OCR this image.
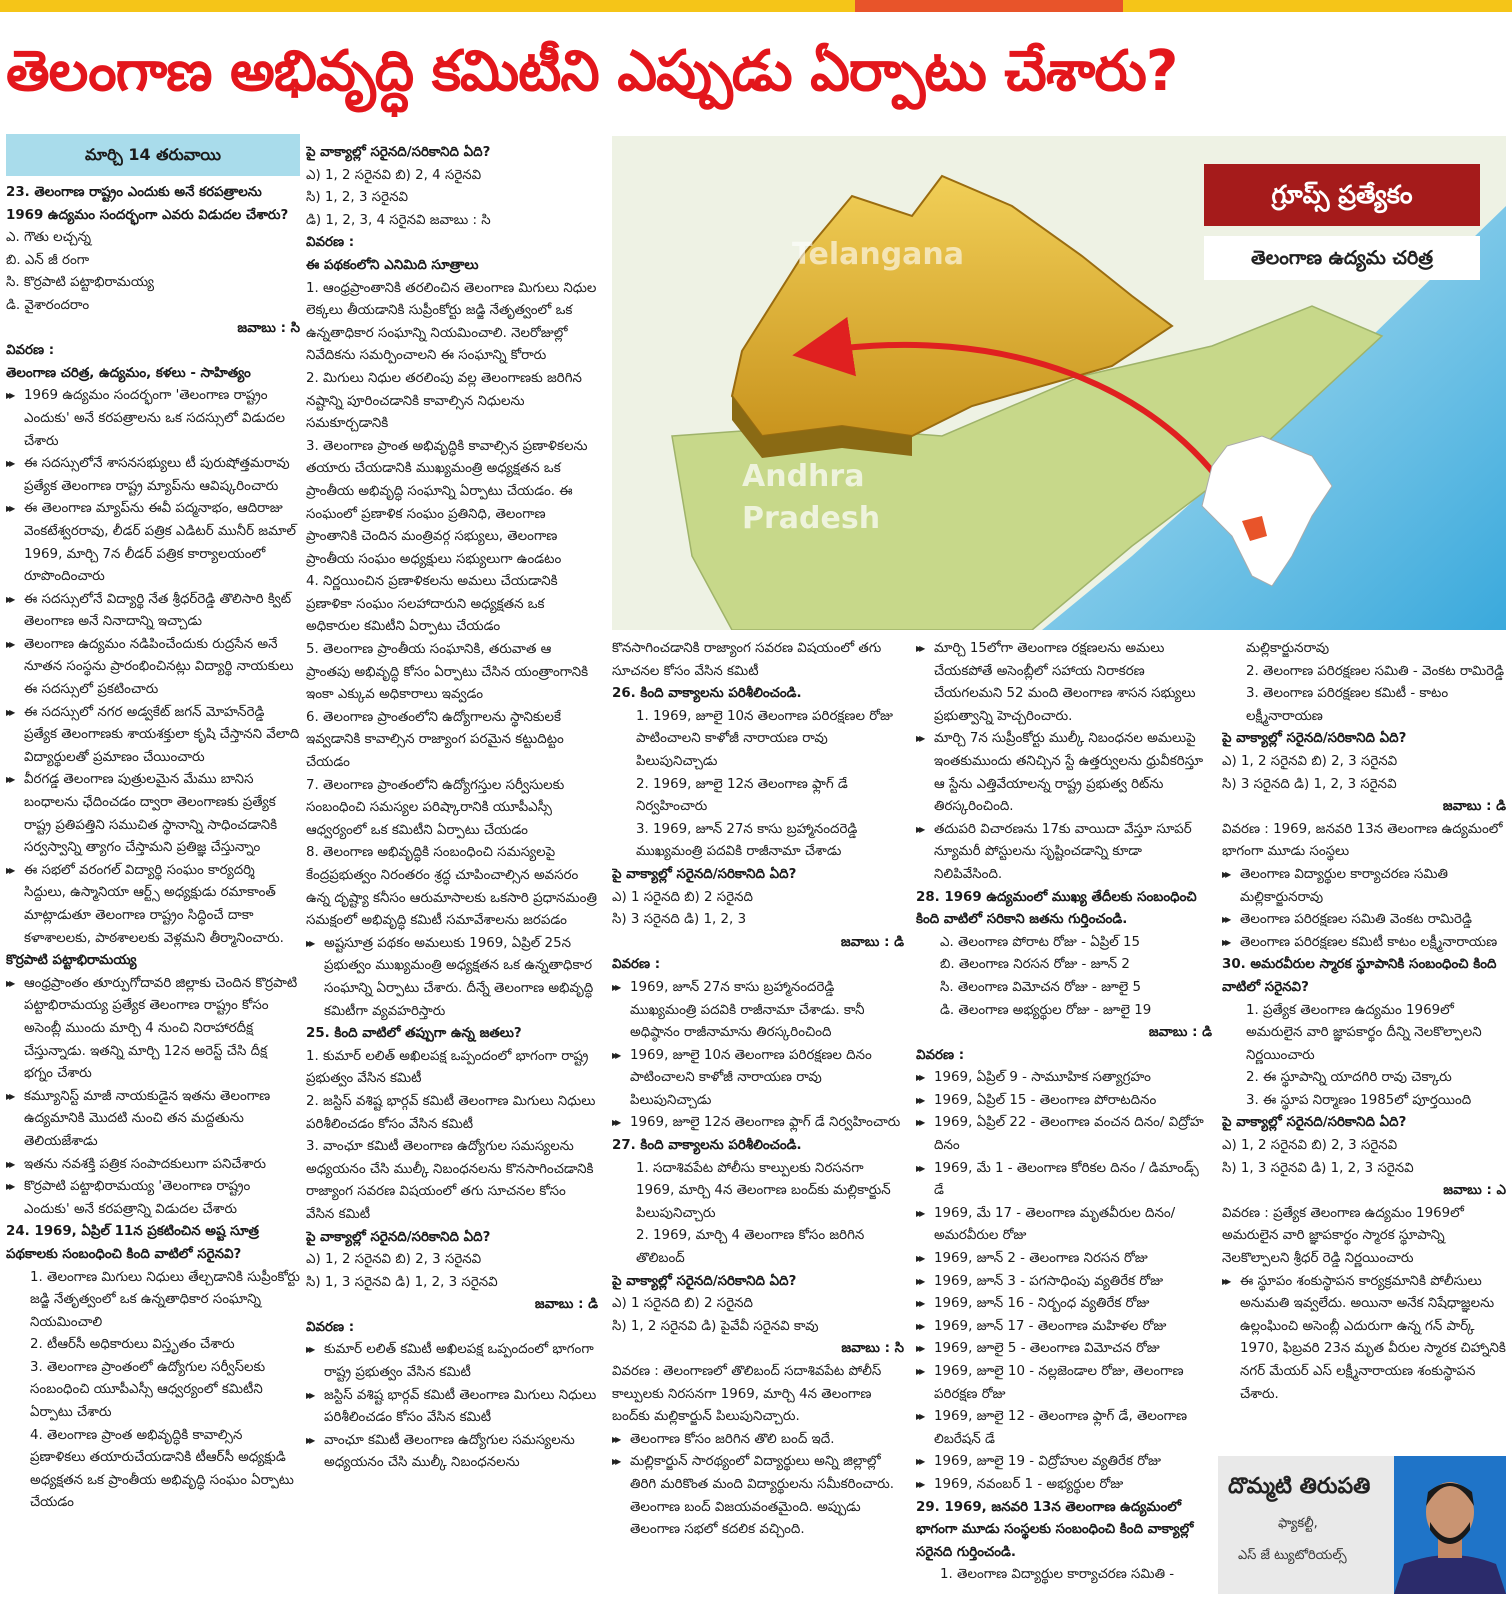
తెలంగాణ అభివృద్ధి కమిటీని ఎప్పుడు ఏర్పాటు చేశారు?
మార్చి 14 తరువాయి

23. తెలంగాణ రాష్ట్రం ఎందుకు అనే కరపత్రాలను 1969 ఉద్యమం సందర్భంగా ఎవరు విడుదల చేశారు?

ఎ. గౌతు లచ్చన్న

బి. ఎన్‌ జీ రంగా

సి. కొర్రపాటి పట్టాభిరామయ్య

డి. వైశారందరాం

జవాబు : సి

వివరణ :

తెలంగాణ చరిత్ర, ఉద్యమం, కళలు - సాహిత్యం

▶▶ 1969 ఉద్యమం సందర్భంగా 'తెలంగాణ రాష్ట్రం ఎందుకు' అనే కరపత్రాలను ఒక సదస్సులో విడుదల చేశారు

▶▶ ఈ సదస్సులోనే శాసనసభ్యులు టీ పురుషోత్తమరావు ప్రత్యేక తెలంగాణ రాష్ట్ర మ్యాప్‌ను ఆవిష్కరించారు

▶▶ ఈ తెలంగాణ మ్యాప్‌ను ఈవీ పద్మనాభం, ఆదిరాజు వెంకటేశ్వరరావు, లీడర్‌ పత్రిక ఎడిటర్‌ మునీర్‌ జమాల్‌ 1969, మార్చి 7న లీడర్‌ పత్రిక కార్యాలయంలో రూపొందించారు

▶▶ ఈ సదస్సులోనే విద్యార్థి నేత శ్రీధర్‌రెడ్డి తొలిసారి క్విట్‌ తెలంగాణ అనే నినాదాన్ని ఇచ్చాడు

▶▶ తెలంగాణ ఉద్యమం నడిపించేందుకు రుద్రసేన అనే నూతన సంస్థను ప్రారంభించినట్లు విద్యార్థి నాయకులు ఈ సదస్సులో ప్రకటించారు

▶▶ ఈ సదస్సులో నగర అడ్వకేట్‌ జగన్‌ మోహన్‌రెడ్డి ప్రత్యేక తెలంగాణకు శాయశక్తులా కృషి చేస్తానని వేలాది విద్యార్థులతో ప్రమాణం చేయించారు

▶▶ వీరగడ్డ తెలంగాణ పుత్రులమైన మేము బానిస బంధాలను ఛేదించడం ద్వారా తెలంగాణకు ప్రత్యేక రాష్ట్ర ప్రతిపత్తిని సముచిత స్థానాన్ని సాధించడానికి సర్వస్వాన్ని త్యాగం చేస్తామని ప్రతిజ్ఞ చేస్తున్నాం

▶▶ ఈ సభలో వరంగల్‌ విద్యార్థి సంఘం కార్యదర్శి సిద్దులు, ఉస్మానియా ఆర్ట్స్‌ అధ్యక్షుడు రమాకాంత్‌ మాట్లాడుతూ తెలంగాణ రాష్ట్రం సిద్ధించే దాకా కళాశాలలకు, పాఠశాలలకు వెళ్లమని తీర్మానించారు.

కొర్రపాటి పట్టాభిరామయ్య

▶▶ ఆంధ్రప్రాంతం తూర్పుగోదావరి జిల్లాకు చెందిన కొర్రపాటి పట్టాభిరామయ్య ప్రత్యేక తెలంగాణ రాష్ట్రం కోసం అసెంబ్లీ ముందు మార్చి 4 నుంచి నిరాహారదీక్ష చేస్తున్నాడు. ఇతన్ని మార్చి 12న అరెస్ట్‌ చేసి దీక్ష భగ్నం చేశారు

▶▶ కమ్యూనిస్ట్‌ మాజీ నాయకుడైన ఇతను తెలంగాణ ఉద్యమానికి మొదటి నుంచి తన మద్దతును తెలియజేశాడు

▶▶ ఇతను నవశక్తి పత్రిక సంపాదకులుగా పనిచేశారు

▶▶ కొర్రపాటి పట్టాభిరామయ్య 'తెలంగాణ రాష్ట్రం ఎందుకు' అనే కరపత్రాన్ని విడుదల చేశారు

24. 1969, ఏప్రిల్‌ 11న ప్రకటించిన అష్ట సూత్ర పథకాలకు సంబంధించి కింది వాటిలో సరైనవి?

1. తెలంగాణ మిగులు నిధులు తేల్చడానికి సుప్రీంకోర్టు జడ్జి నేతృత్వంలో ఒక ఉన్నతాధికార సంఘాన్ని నియమించాలి

2. టీఆర్‌సీ అధికారులు విస్తృతం చేశారు

3. తెలంగాణ ప్రాంతంలో ఉద్యోగుల సర్వీస్‌లకు సంబంధించి యూపీఎస్సీ ఆధ్వర్యంలో కమిటీని ఏర్పాటు చేశారు

4. తెలంగాణ ప్రాంత అభివృద్ధికి కావాల్సిన ప్రణాళికలు తయారుచేయడానికి టీఆర్‌సీ అధ్యక్షుడి అధ్యక్షతన ఒక ప్రాంతీయ అభివృద్ధి సంఘం ఏర్పాటు చేయడం

పై వాక్యాల్లో సరైనది/సరికానిది ఏది?

ఎ) 1, 2 సరైనవి బి) 2, 4 సరైనవి

సి) 1, 2, 3 సరైనవి

డి) 1, 2, 3, 4 సరైనవి జవాబు : సి

వివరణ :

ఈ పథకంలోని ఎనిమిది సూత్రాలు

1. ఆంధ్రప్రాంతానికి తరలించిన తెలంగాణ మిగులు నిధుల లెక్కలు తీయడానికి సుప్రీంకోర్టు జడ్జి నేతృత్వంలో ఒక ఉన్నతాధికార సంఘాన్ని నియమించాలి. నెలరోజుల్లో నివేదికను సమర్పించాలని ఈ సంఘాన్ని కోరారు

2. మిగులు నిధుల తరలింపు వల్ల తెలంగాణకు జరిగిన నష్టాన్ని పూరించడానికి కావాల్సిన నిధులను సమకూర్చడానికి

3. తెలంగాణ ప్రాంత అభివృద్ధికి కావాల్సిన ప్రణాళికలను తయారు చేయడానికి ముఖ్యమంత్రి అధ్యక్షతన ఒక ప్రాంతీయ అభివృద్ధి సంఘాన్ని ఏర్పాటు చేయడం. ఈ సంఘంలో ప్రణాళిక సంఘం ప్రతినిధి, తెలంగాణ ప్రాంతానికి చెందిన మంత్రివర్గ సభ్యులు, తెలంగాణ ప్రాంతీయ సంఘం అధ్యక్షులు సభ్యులుగా ఉండటం

4. నిర్ణయించిన ప్రణాళికలను అమలు చేయడానికి ప్రణాళికా సంఘం సలహాదారుని అధ్యక్షతన ఒక అధికారుల కమిటీని ఏర్పాటు చేయడం

5. తెలంగాణ ప్రాంతీయ సంఘానికి, తరువాత ఆ ప్రాంతపు అభివృద్ధి కోసం ఏర్పాటు చేసిన యంత్రాంగానికి ఇంకా ఎక్కువ అధికారాలు ఇవ్వడం

6. తెలంగాణ ప్రాంతంలోని ఉద్యోగాలను స్థానికులకే ఇవ్వడానికి కావాల్సిన రాజ్యాంగ పరమైన కట్టుదిట్టం చేయడం

7. తెలంగాణ ప్రాంతంలోని ఉద్యోగస్తుల సర్వీసులకు సంబంధించి సమస్యల పరిష్కారానికి యూపీఎస్సీ ఆధ్వర్యంలో ఒక కమిటీని ఏర్పాటు చేయడం

8. తెలంగాణ అభివృద్ధికి సంబంధించి సమస్యలపై కేంద్రప్రభుత్వం నిరంతరం శ్రద్ధ చూపించాల్సిన అవసరం ఉన్న దృష్ట్యా కనీసం ఆరుమాసాలకు ఒకసారి ప్రధానమంత్రి సమక్షంలో అభివృద్ధి కమిటీ సమావేశాలను జరపడం

▶▶ అష్టసూత్ర పథకం అమలుకు 1969, ఏప్రిల్‌ 25న ప్రభుత్వం ముఖ్యమంత్రి అధ్యక్షతన ఒక ఉన్నతాధికార సంఘాన్ని ఏర్పాటు చేశారు. దీన్నే తెలంగాణ అభివృద్ధి కమిటీగా వ్యవహరిస్తారు

25. కింది వాటిలో తప్పుగా ఉన్న జతలు?

1. కుమార్‌ లలిత్‌ అఖిలపక్ష ఒప్పందంలో భాగంగా రాష్ట్ర ప్రభుత్వం వేసిన కమిటీ

2. జస్టిస్‌ వశిష్ట భార్గవ్‌ కమిటీ తెలంగాణ మిగులు నిధులు పరిశీలించడం కోసం వేసిన కమిటీ

3. వాంఛూ కమిటీ తెలంగాణ ఉద్యోగుల సమస్యలను అధ్యయనం చేసి ముల్కీ నిబంధనలను కొనసాగించడానికి రాజ్యాంగ సవరణ విషయంలో తగు సూచనల కోసం వేసిన కమిటీ

పై వాక్యాల్లో సరైనది/సరికానిది ఏది?

ఎ) 1, 2 సరైనవి బి) 2, 3 సరైనవి

సి) 1, 3 సరైనవి డి) 1, 2, 3 సరైనవి

జవాబు : డి

వివరణ :

▶▶ కుమార్‌ లలిత్‌ కమిటీ అఖిలపక్ష ఒప్పందంలో భాగంగా రాష్ట్ర ప్రభుత్వం వేసిన కమిటీ

▶▶ జస్టిస్‌ వశిష్ట భార్గవ్‌ కమిటీ తెలంగాణ మిగులు నిధులు పరిశీలించడం కోసం వేసిన కమిటీ

▶▶ వాంఛూ కమిటీ తెలంగాణ ఉద్యోగుల సమస్యలను అధ్యయనం చేసి ముల్కీ నిబంధనలను

కొనసాగించడానికి రాజ్యాంగ సవరణ విషయంలో తగు సూచనల కోసం వేసిన కమిటీ

26. కింది వాక్యాలను పరిశీలించండి.

1. 1969, జూలై 10న తెలంగాణ పరిరక్షణల రోజు పాటించాలని కాళోజీ నారాయణ రావు పిలుపునిచ్చాడు

2. 1969, జూలై 12న తెలంగాణ ఫ్లాగ్‌ డే నిర్వహించారు

3. 1969, జూన్‌ 27న కాసు బ్రహ్మానందరెడ్డి ముఖ్యమంత్రి పదవికి రాజీనామా చేశాడు

పై వాక్యాల్లో సరైనది/సరికానిది ఏది?

ఎ) 1 సరైనది బి) 2 సరైనది

సి) 3 సరైనది డి) 1, 2, 3

జవాబు : డి

వివరణ :

▶▶ 1969, జూన్‌ 27న కాసు బ్రహ్మానందరెడ్డి ముఖ్యమంత్రి పదవికి రాజీనామా చేశాడు. కానీ అధిష్ఠానం రాజీనామాను తిరస్కరించింది

▶▶ 1969, జూలై 10న తెలంగాణ పరిరక్షణల దినం పాటించాలని కాళోజీ నారాయణ రావు పిలుపునిచ్చాడు

▶▶ 1969, జూలై 12న తెలంగాణ ఫ్లాగ్‌ డే నిర్వహించారు

27. కింది వాక్యాలను పరిశీలించండి.

1. సదాశివపేట పోలీసు కాల్పులకు నిరసనగా 1969, మార్చి 4న తెలంగాణ బంద్‌కు మల్లికార్జున్‌ పిలుపునిచ్చారు

2. 1969, మార్చి 4 తెలంగాణ కోసం జరిగిన తొలిబంద్‌

పై వాక్యాల్లో సరైనది/సరికానిది ఏది?

ఎ) 1 సరైనది బి) 2 సరైనది

సి) 1, 2 సరైనవి డి) పైవేవీ సరైనవి కావు

జవాబు : సి

వివరణ : తెలంగాణలో తొలిబంద్‌ సదాశివపేట పోలీస్‌ కాల్పులకు నిరసనగా 1969, మార్చి 4న తెలంగాణ బంద్‌కు మల్లికార్జున్‌ పిలుపునిచ్చారు.

▶▶ తెలంగాణ కోసం జరిగిన తొలి బంద్‌ ఇదే.

▶▶ మల్లికార్జున్‌ సారథ్యంలో విద్యార్థులు అన్ని జిల్లాల్లో తిరిగి మరికొంత మంది విద్యార్థులను సమీకరించారు. తెలంగాణ బంద్‌ విజయవంతమైంది. అప్పుడు తెలంగాణ సభలో కదలిక వచ్చింది.

▶▶ మార్చి 15లోగా తెలంగాణ రక్షణలను అమలు చేయకపోతే అసెంబ్లీలో సహాయ నిరాకరణ చేయగలమని 52 మంది తెలంగాణ శాసన సభ్యులు ప్రభుత్వాన్ని హెచ్చరించారు.

▶▶ మార్చి 7న సుప్రీంకోర్టు ముల్కీ నిబంధనల అమలుపై ఇంతకుముందు తనిచ్చిన స్టే ఉత్తర్వులను ధ్రువీకరిస్తూ ఆ స్టేను ఎత్తివేయాలన్న రాష్ట్ర ప్రభుత్వ రిట్‌ను తిరస్కరించింది.

▶▶ తదుపరి విచారణను 17కు వాయిదా వేస్తూ సూపర్‌ న్యూమరీ పోస్టులను సృష్టించడాన్ని కూడా నిలిపివేసింది.

28. 1969 ఉద్యమంలో ముఖ్య తేదీలకు సంబంధించి కింది వాటిలో సరికాని జతను గుర్తించండి.

ఎ. తెలంగాణ పోరాట రోజు - ఏప్రిల్‌ 15

బి. తెలంగాణ నిరసన రోజు - జూన్‌ 2

సి. తెలంగాణ విమోచన రోజు - జూలై 5

డి. తెలంగాణ అభ్యర్థుల రోజు - జూలై 19

జవాబు : డి

వివరణ :

▶▶ 1969, ఏప్రిల్‌ 9 - సామూహిక సత్యాగ్రహం

▶▶ 1969, ఏప్రిల్‌ 15 - తెలంగాణ పోరాటదినం

▶▶ 1969, ఏప్రిల్‌ 22 - తెలంగాణ వంచన దినం/ విద్రోహ దినం

▶▶ 1969, మే 1 - తెలంగాణ కోరికల దినం / డిమాండ్స్‌ డే

▶▶ 1969, మే 17 - తెలంగాణ మృతవీరుల దినం/ అమరవీరుల రోజు

▶▶ 1969, జూన్‌ 2 - తెలంగాణ నిరసన రోజు

▶▶ 1969, జూన్‌ 3 - పగసాధింపు వ్యతిరేక రోజు

▶▶ 1969, జూన్‌ 16 - నిర్బంధ వ్యతిరేక రోజు

▶▶ 1969, జూన్‌ 17 - తెలంగాణ మహిళల రోజు

▶▶ 1969, జూలై 5 - తెలంగాణ విమోచన రోజు

▶▶ 1969, జూలై 10 - నల్లజెండాల రోజు, తెలంగాణ పరిరక్షణ రోజు

▶▶ 1969, జూలై 12 - తెలంగాణ ఫ్లాగ్‌ డే, తెలంగాణ లిబరేషన్‌ డే

▶▶ 1969, జూలై 19 - విద్రోహుల వ్యతిరేక రోజు

▶▶ 1969, నవంబర్‌ 1 - అభ్యర్థుల రోజు

29. 1969, జనవరి 13న తెలంగాణ ఉద్యమంలో భాగంగా మూడు సంస్థలకు సంబంధించి కింది వాక్యాల్లో సరైనది గుర్తించండి.

1. తెలంగాణ విద్యార్థుల కార్యాచరణ సమితి -

మల్లికార్జునరావు

2. తెలంగాణ పరిరక్షణల సమితి - వెంకట రామిరెడ్డి

3. తెలంగాణ పరిరక్షణల కమిటీ - కాటం లక్ష్మీనారాయణ

పై వాక్యాల్లో సరైనది/సరికానిది ఏది?

ఎ) 1, 2 సరైనవి బి) 2, 3 సరైనవి

సి) 3 సరైనది డి) 1, 2, 3 సరైనవి

జవాబు : డి

వివరణ : 1969, జనవరి 13న తెలంగాణ ఉద్యమంలో భాగంగా మూడు సంస్థలు

▶▶ తెలంగాణ విద్యార్థుల కార్యాచరణ సమితి మల్లికార్జునరావు

▶▶ తెలంగాణ పరిరక్షణల సమితి వెంకట రామిరెడ్డి

▶▶ తెలంగాణ పరిరక్షణల కమిటీ కాటం లక్ష్మీనారాయణ

30. అమరవీరుల స్మారక స్థూపానికి సంబంధించి కింది వాటిలో సరైనవి?

1. ప్రత్యేక తెలంగాణ ఉద్యమం 1969లో అమరులైన వారి జ్ఞాపకార్థం దీన్ని నెలకొల్పాలని నిర్ణయించారు

2. ఈ స్థూపాన్ని యాదగిరి రావు చెక్కారు

3. ఈ స్థూప నిర్మాణం 1985లో పూర్తయింది

పై వాక్యాల్లో సరైనది/సరికానిది ఏది?

ఎ) 1, 2 సరైనవి బి) 2, 3 సరైనవి

సి) 1, 3 సరైనవి డి) 1, 2, 3 సరైనవి

జవాబు : ఎ

వివరణ : ప్రత్యేక తెలంగాణ ఉద్యమం 1969లో అమరులైన వారి జ్ఞాపకార్థం స్మారక స్థూపాన్ని నెలకొల్పాలని శ్రీధర్‌ రెడ్డి నిర్ణయించారు

▶▶ ఈ స్థూపం శంకుస్థాపన కార్యక్రమానికి పోలీసులు అనుమతి ఇవ్వలేదు. అయినా అనేక నిషేధాజ్ఞలను ఉల్లంఘించి అసెంబ్లీ ఎదురుగా ఉన్న గన్‌ పార్క్‌ 1970, ఫిబ్రవరి 23న మృత వీరుల స్మారక చిహ్నానికి నగర్‌ మేయర్‌ ఎస్‌ లక్ష్మీనారాయణ శంకుస్థాపన చేశారు.

Telangana
Andhra
Pradesh
గ్రూప్స్‌ ప్రత్యేకం
తెలంగాణ ఉద్యమ చరిత్ర
దొమ్మటి తిరుపతి
ఫ్యాకల్టీ,
ఎస్‌ జే ట్యుటోరియల్స్‌
